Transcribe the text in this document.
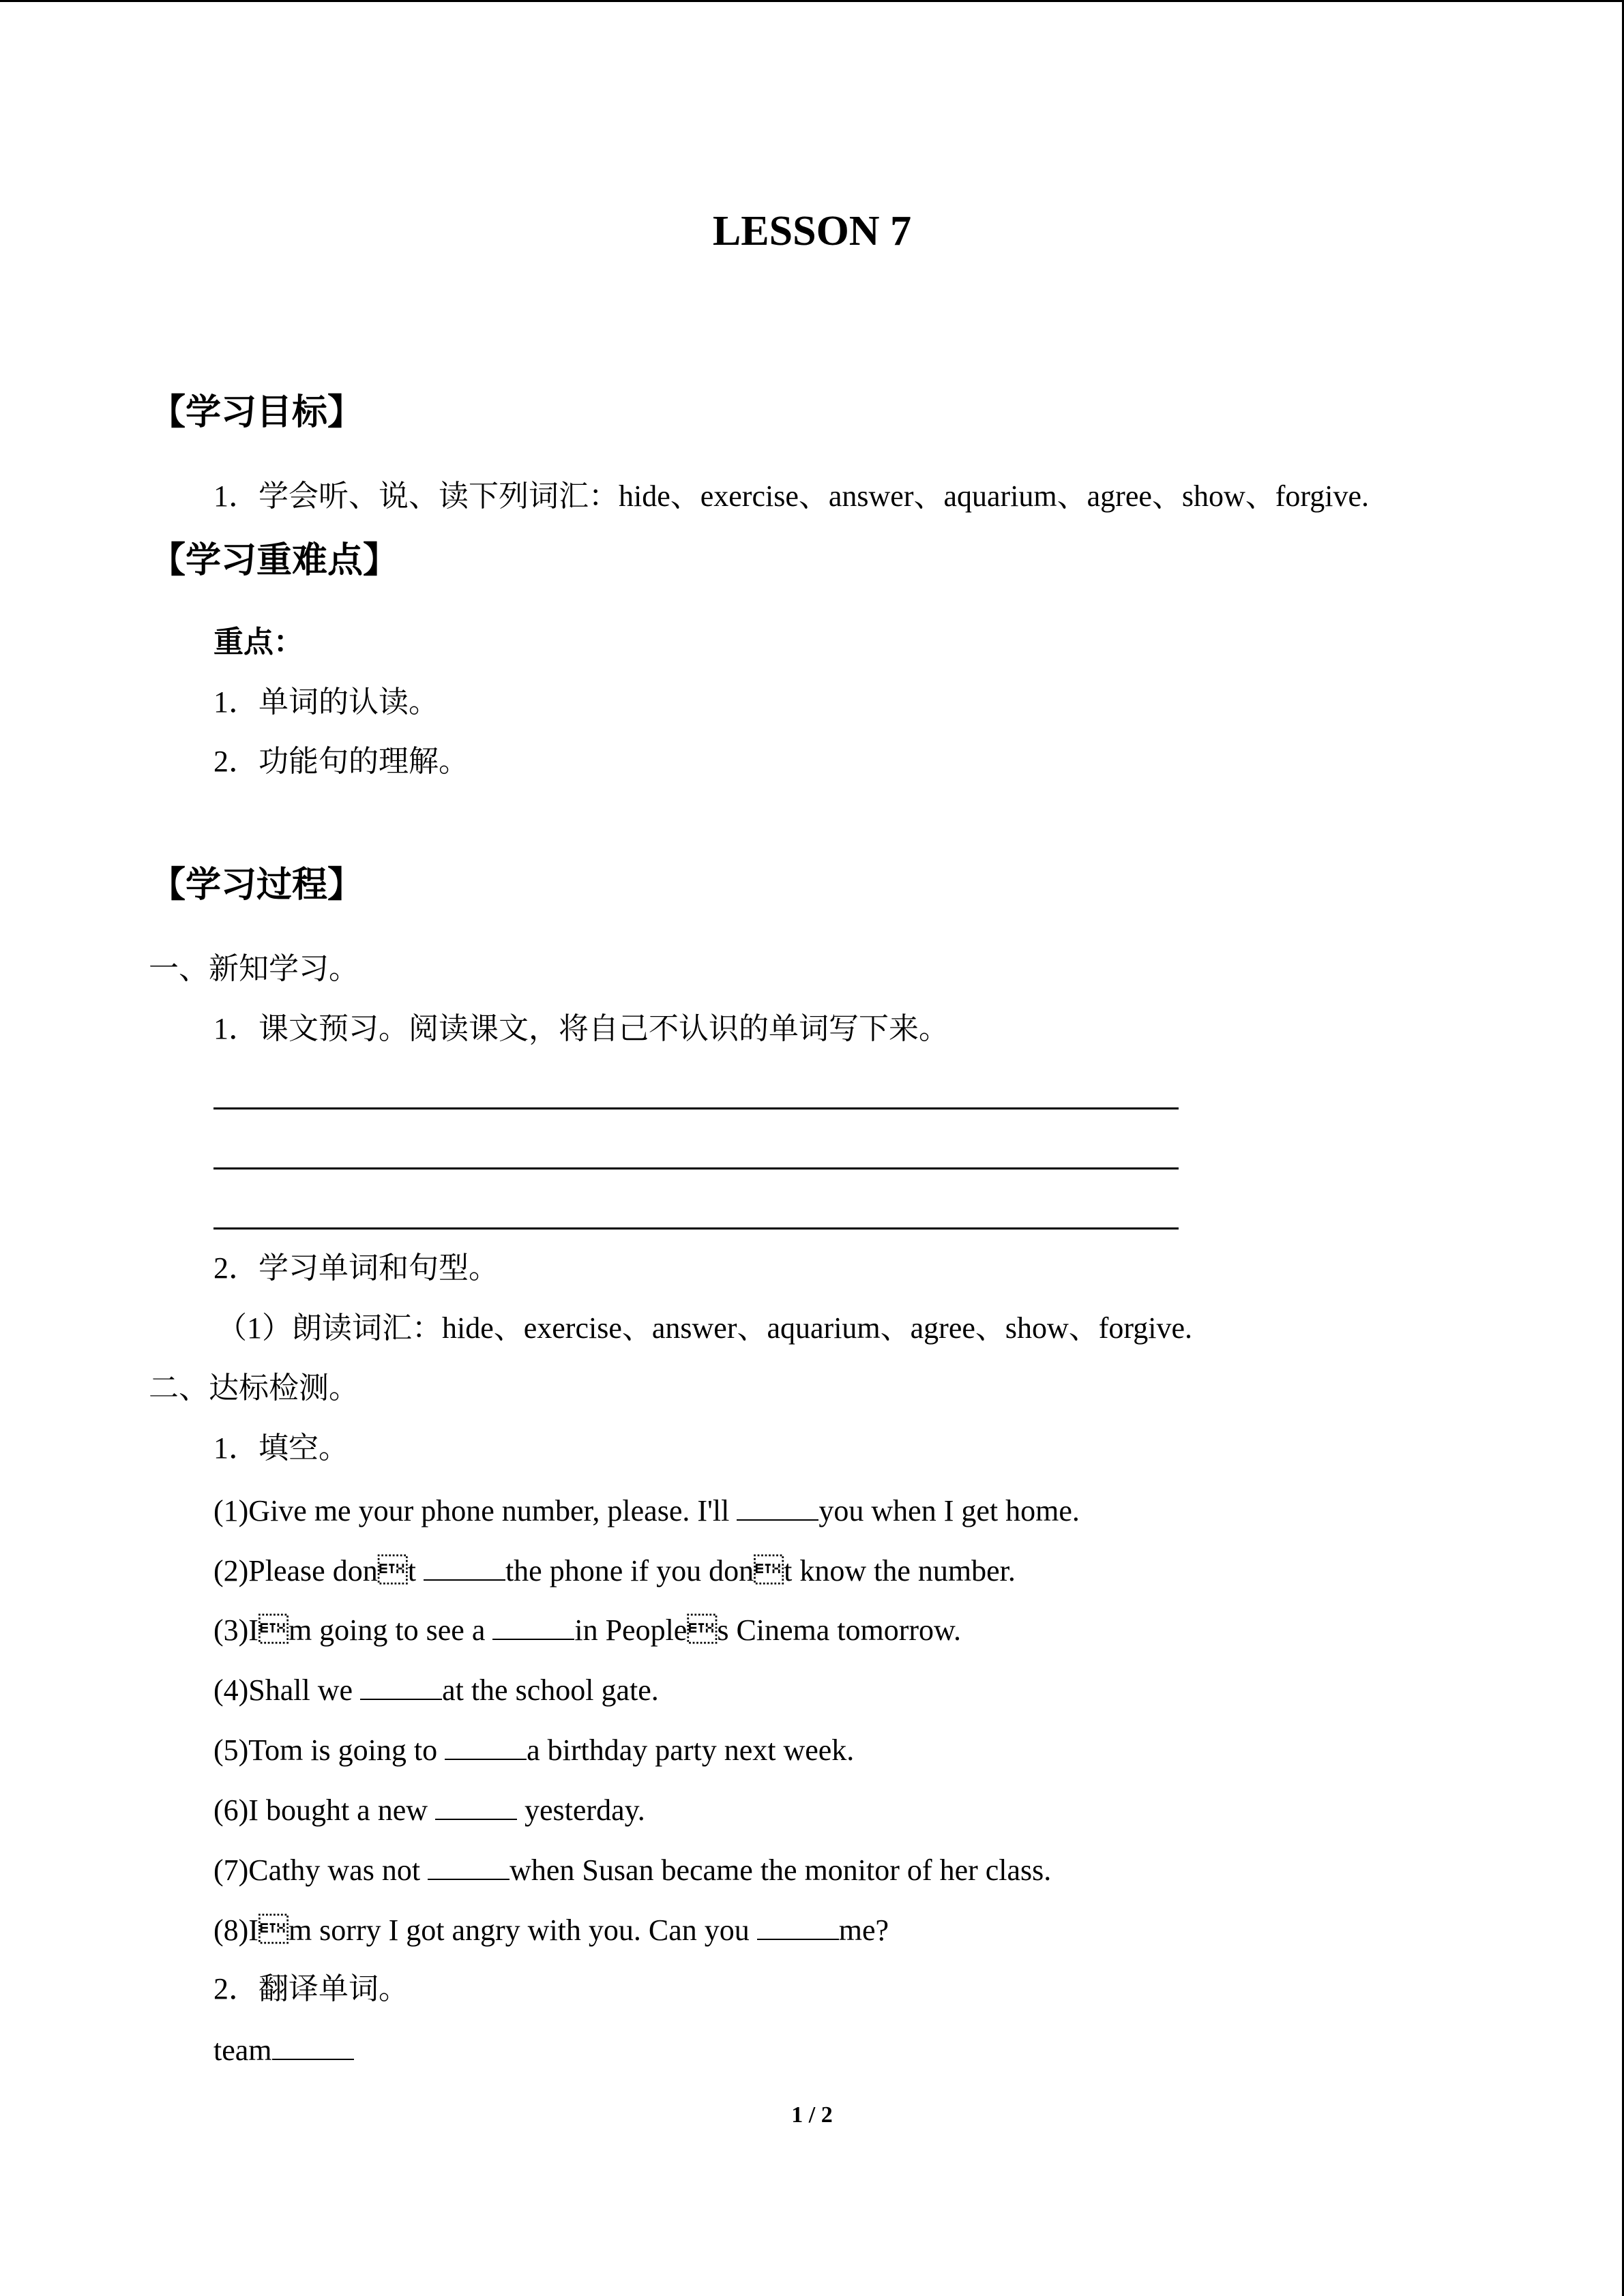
LESSON 7
【学习目标】
1．学会听、说、读下列词汇：hide、exercise、answer、aquarium、agree、show、forgive.
【学习重难点】
重点：
1．单词的认读。
2．功能句的理解。
【学习过程】
一、新知学习。
1．课文预习。阅读课文，将自己不认识的单词写下来。
2．学习单词和句型。
（1）朗读词汇：hide、exercise、answer、aquarium、agree、show、forgive.
二、达标检测。
1．填空。
(1)Give me your phone number, please. I'll	you when I get home.
(2)Please dont	the phone if you dont know the number.
(3)Im going to see a	in Peoples Cinema tomorrow.
(4)Shall we	at the school gate.
(5)Tom is going to	a birthday party next week.
(6)I bought a new	yesterday.
(7)Cathy was not	when Susan became the monitor of her class.
(8)Im sorry I got angry with you. Can you	me?
2．翻译单词。
team
1 / 2
